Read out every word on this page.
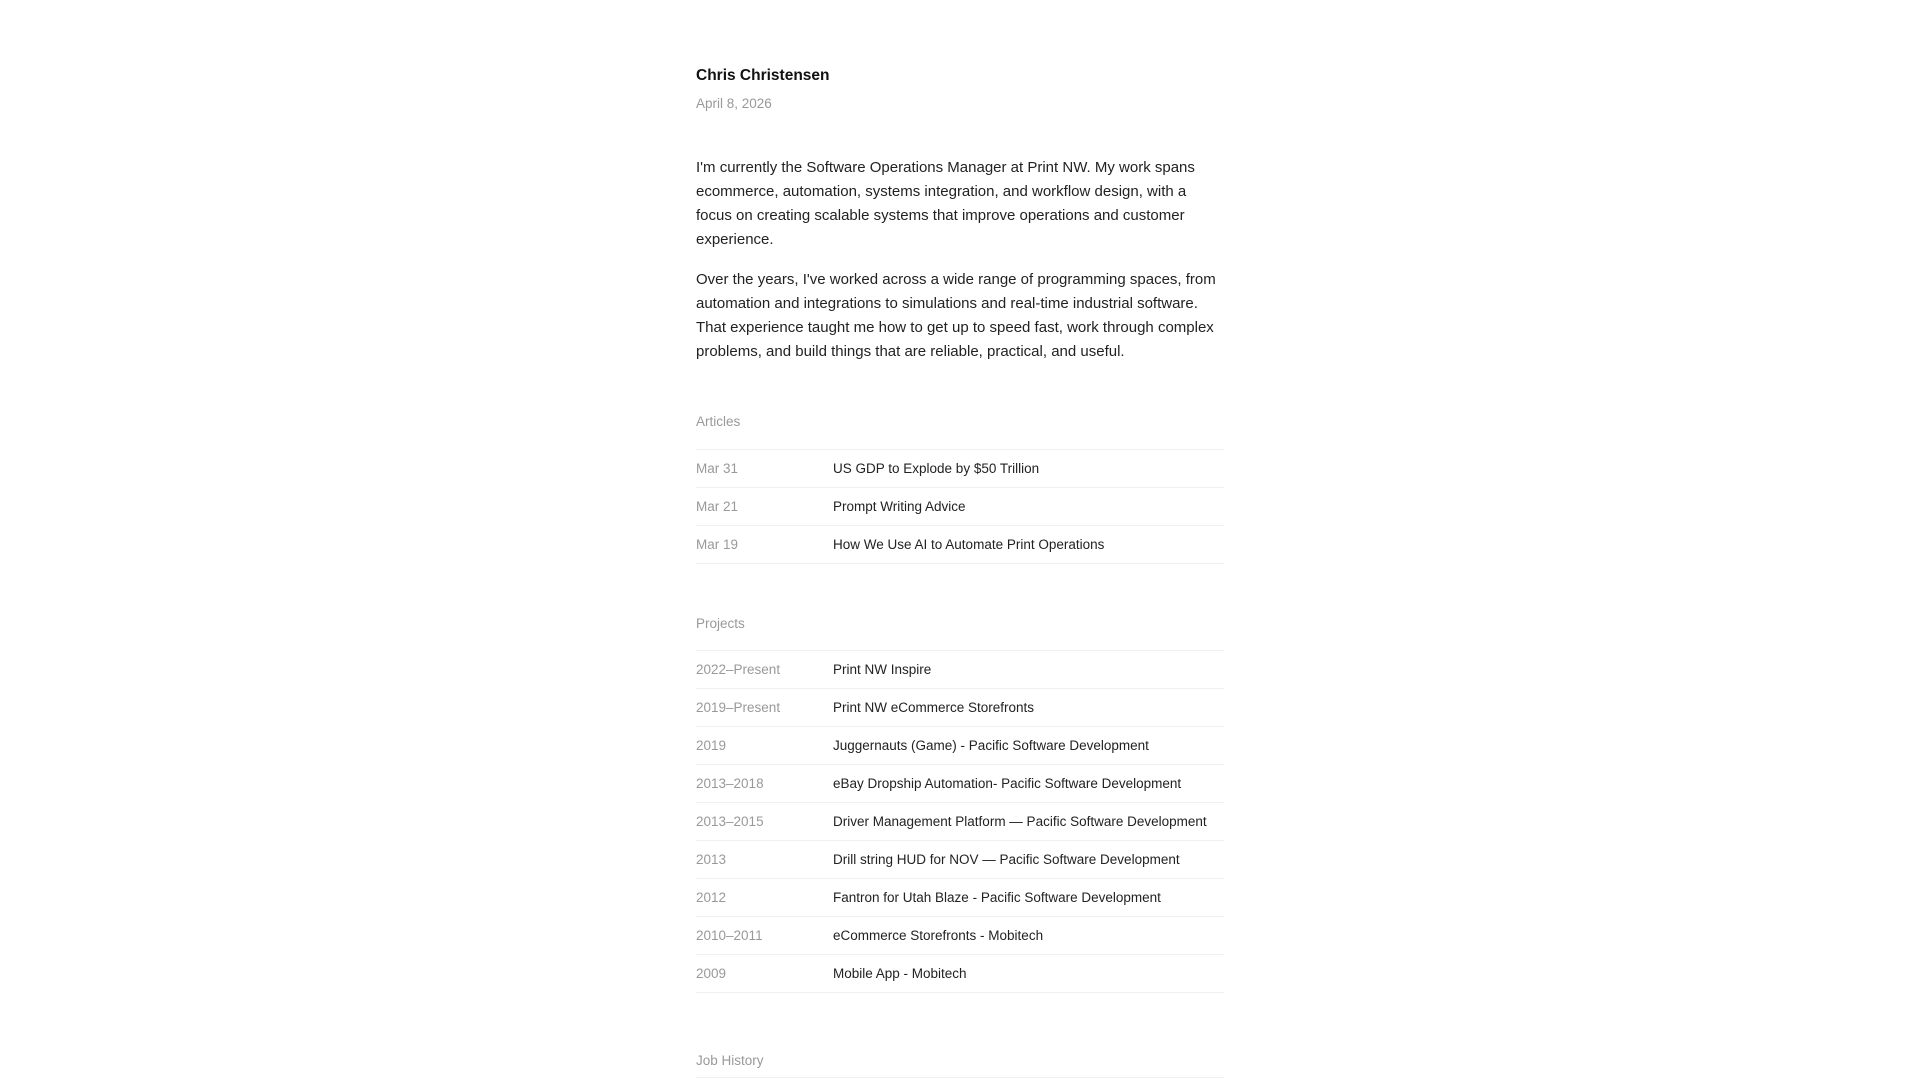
Chris Christensen
April 8, 2026

I'm currently the Software Operations Manager at Print NW. My work spans ecommerce, automation, systems integration, and workflow design, with a focus on creating scalable systems that improve operations and customer experience.

Over the years, I've worked across a wide range of programming spaces, from automation and integrations to simulations and real-time industrial software. That experience taught me how to get up to speed fast, work through complex problems, and build things that are reliable, practical, and useful.

Articles
Mar 31	US GDP to Explode by $50 Trillion
Mar 21	Prompt Writing Advice
Mar 19	How We Use AI to Automate Print Operations
Projects
2022–Present	Print NW Inspire
2019–Present	Print NW eCommerce Storefronts
2019	Juggernauts (Game) - Pacific Software Development
2013–2018	eBay Dropship Automation- Pacific Software Development
2013–2015	Driver Management Platform — Pacific Software Development
2013	Drill string HUD for NOV — Pacific Software Development
2012	Fantron for Utah Blaze - Pacific Software Development
2010–2011	eCommerce Storefronts - Mobitech
2009	Mobile App - Mobitech
Job History
